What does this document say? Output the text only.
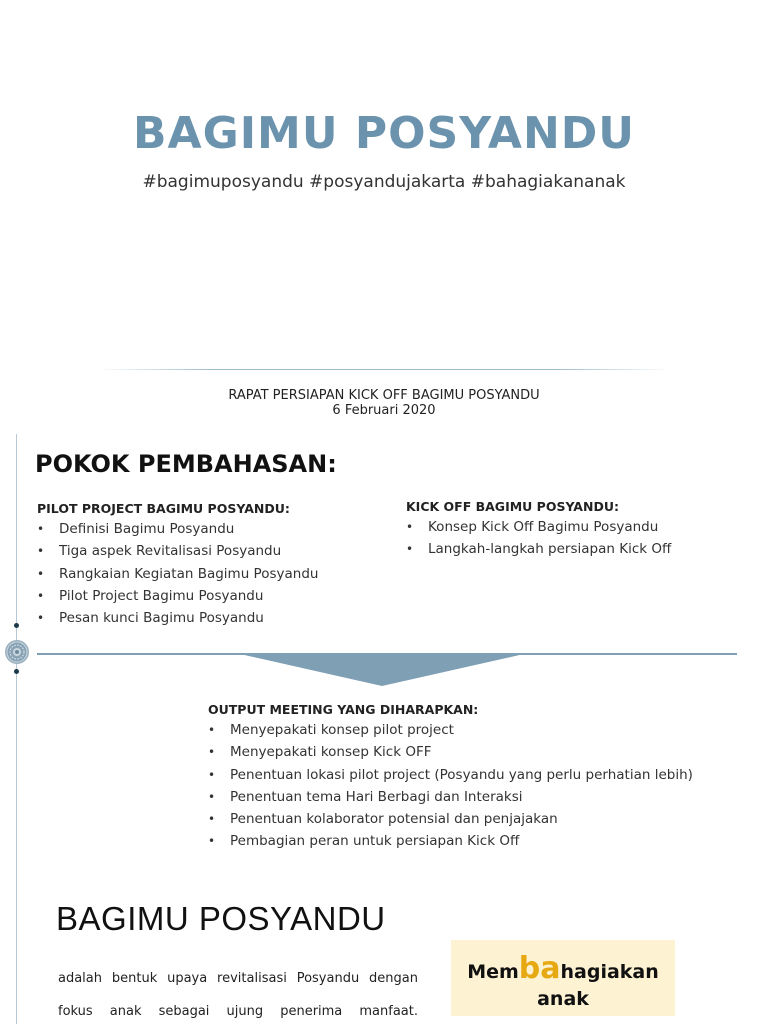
BAGIMU POSYANDU
#bagimuposyandu #posyandujakarta #bahagiakananak
RAPAT PERSIAPAN KICK OFF BAGIMU POSYANDU
6 Februari 2020
POKOK PEMBAHASAN:
PILOT PROJECT BAGIMU POSYANDU:
• Definisi Bagimu Posyandu
• Tiga aspek Revitalisasi Posyandu
• Rangkaian Kegiatan Bagimu Posyandu
• Pilot Project Bagimu Posyandu
• Pesan kunci Bagimu Posyandu
KICK OFF BAGIMU POSYANDU:
• Konsep Kick Off Bagimu Posyandu
• Langkah-langkah persiapan Kick Off
OUTPUT MEETING YANG DIHARAPKAN:
• Menyepakati konsep pilot project
• Menyepakati konsep Kick OFF
• Penentuan lokasi pilot project (Posyandu yang perlu perhatian lebih)
• Penentuan tema Hari Berbagi dan Interaksi
• Penentuan kolaborator potensial dan penjajakan
• Pembagian peran untuk persiapan Kick Off
BAGIMU POSYANDU
adalah bentuk upaya revitalisasi Posyandu dengan
fokus anak sebagai ujung penerima manfaat.
Membahagiakan
anak
